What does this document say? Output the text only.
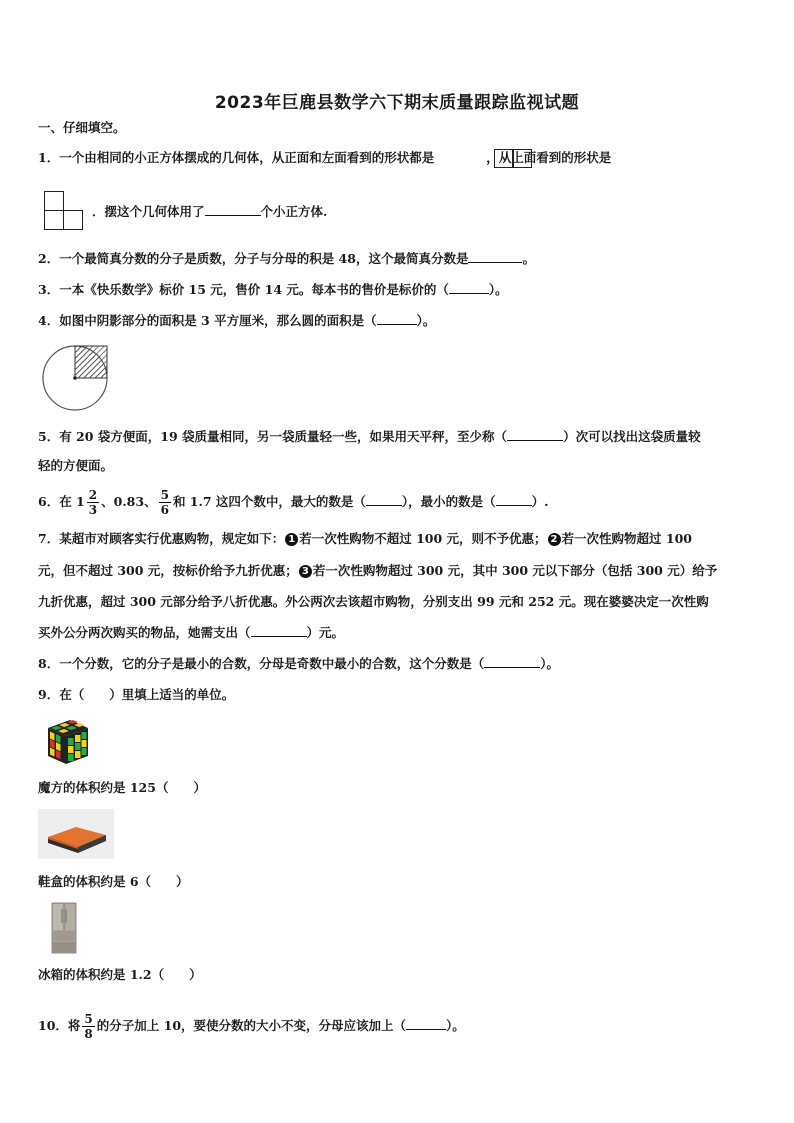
2023年巨鹿县数学六下期末质量跟踪监视试题
一、仔细填空。
1．一个由相同的小正方体摆成的几何体，从正面和左面看到的形状都是	，从上面看到的形状是
．摆这个几何体用了	个小正方体.
2．一个最简真分数的分子是质数，分子与分母的积是 48，这个最简真分数是	。
3．一本《快乐数学》标价 15 元，售价 14 元。每本书的售价是标价的（	）。
4．如图中阴影部分的面积是 3 平方厘米，那么圆的面积是（	）。
5．有 20 袋方便面，19 袋质量相同，另一袋质量轻一些，如果用天平秤，至少称（	）次可以找出这袋质量较
轻的方便面。
6．在 $1 \frac{2}{3}$ 、0.83、 $\frac{5}{6}$ 和 1.7 这四个数中，最大的数是（	），最小的数是（	）.
7．某超市对顾客实行优惠购物，规定如下： 1 若一次性购物不超过 100 元，则不予优惠； 2 若一次性购物超过 100
元，但不超过 300 元，按标价给予九折优惠； 3 若一次性购物超过 300 元，其中 300 元以下部分（包括 300 元）给予
九折优惠，超过 300 元部分给予八折优惠。外公两次去该超市购物，分别支出 99 元和 252 元。现在婆婆决定一次性购
买外公分两次购买的物品，她需支出（	）元。
8．一个分数，它的分子是最小的合数，分母是奇数中最小的合数，这个分数是（	）。
9．在（　　）里填上适当的单位。
魔方的体积约是 125（　　）
鞋盒的体积约是 6（　　）
冰箱的体积约是 1.2（　　）
10．将 $\frac{5}{8}$ 的分子加上 10，要使分数的大小不变，分母应该加上（	）。
